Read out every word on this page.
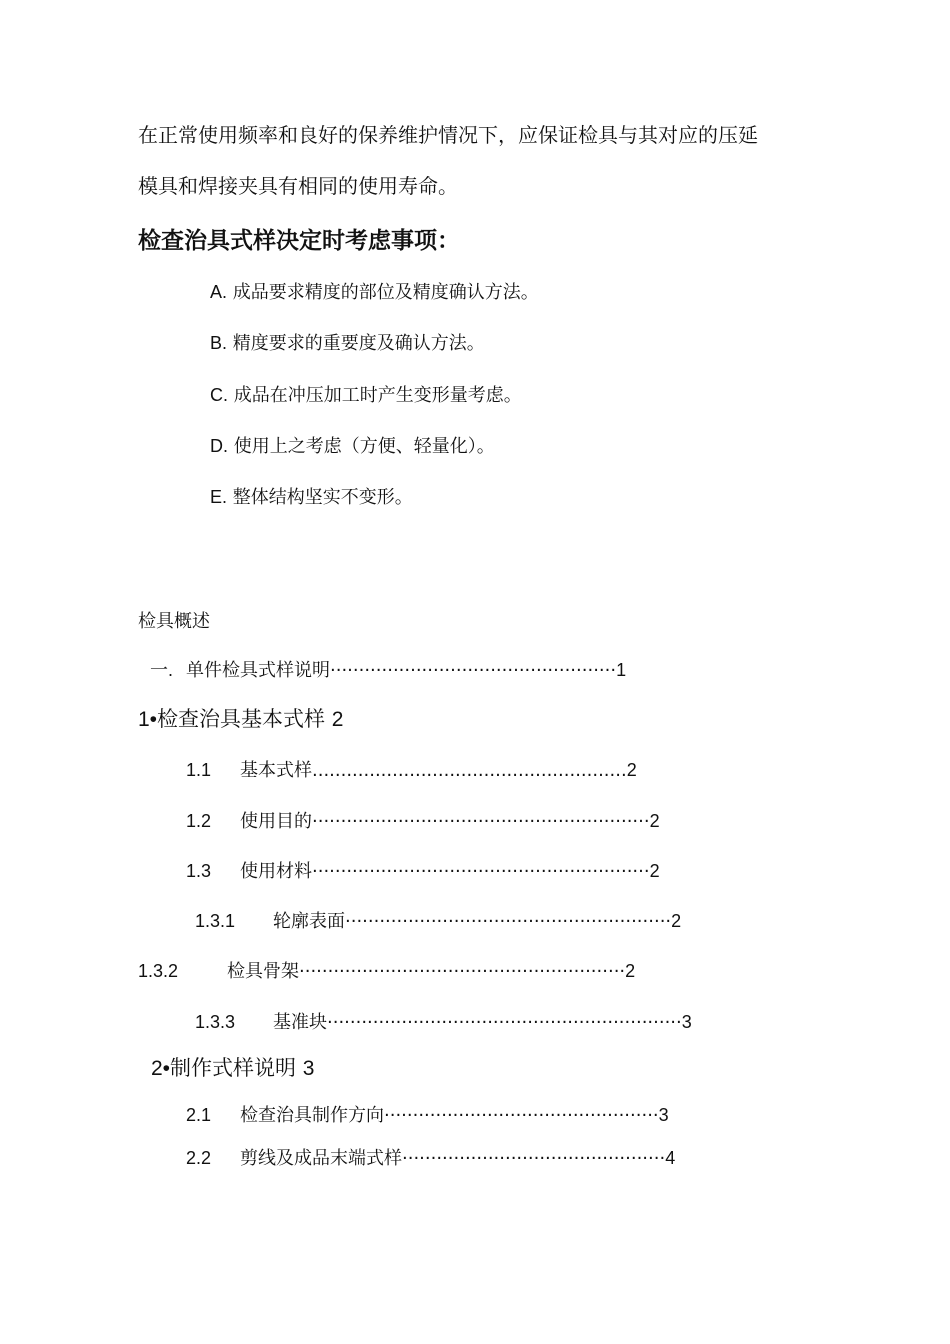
在正常使用频率和良好的保养维护情况下，应保证检具与其对应的压延
模具和焊接夹具有相同的使用寿命。
检查治具式样决定时考虑事项：
A. 成品要求精度的部位及精度确认方法。
B. 精度要求的重要度及确认方法。
C. 成品在冲压加工时产生变形量考虑。
D. 使用上之考虑（方便、轻量化）。
E. 整体结构坚实不变形。
检具概述
一. 单件检具式样说明··················································1
1•检查治具基本式样 2
1.1 基本式样.......................................................2
1.2 使用目的···························································2
1.3 使用材料···························································2
1.3.1 轮廓表面·························································2
1.3.2	检具骨架·························································2
1.3.3 基准块······························································3
2•制作式样说明 3
2.1 检查治具制作方向················································3
2.2 剪线及成品末端式样··············································4
